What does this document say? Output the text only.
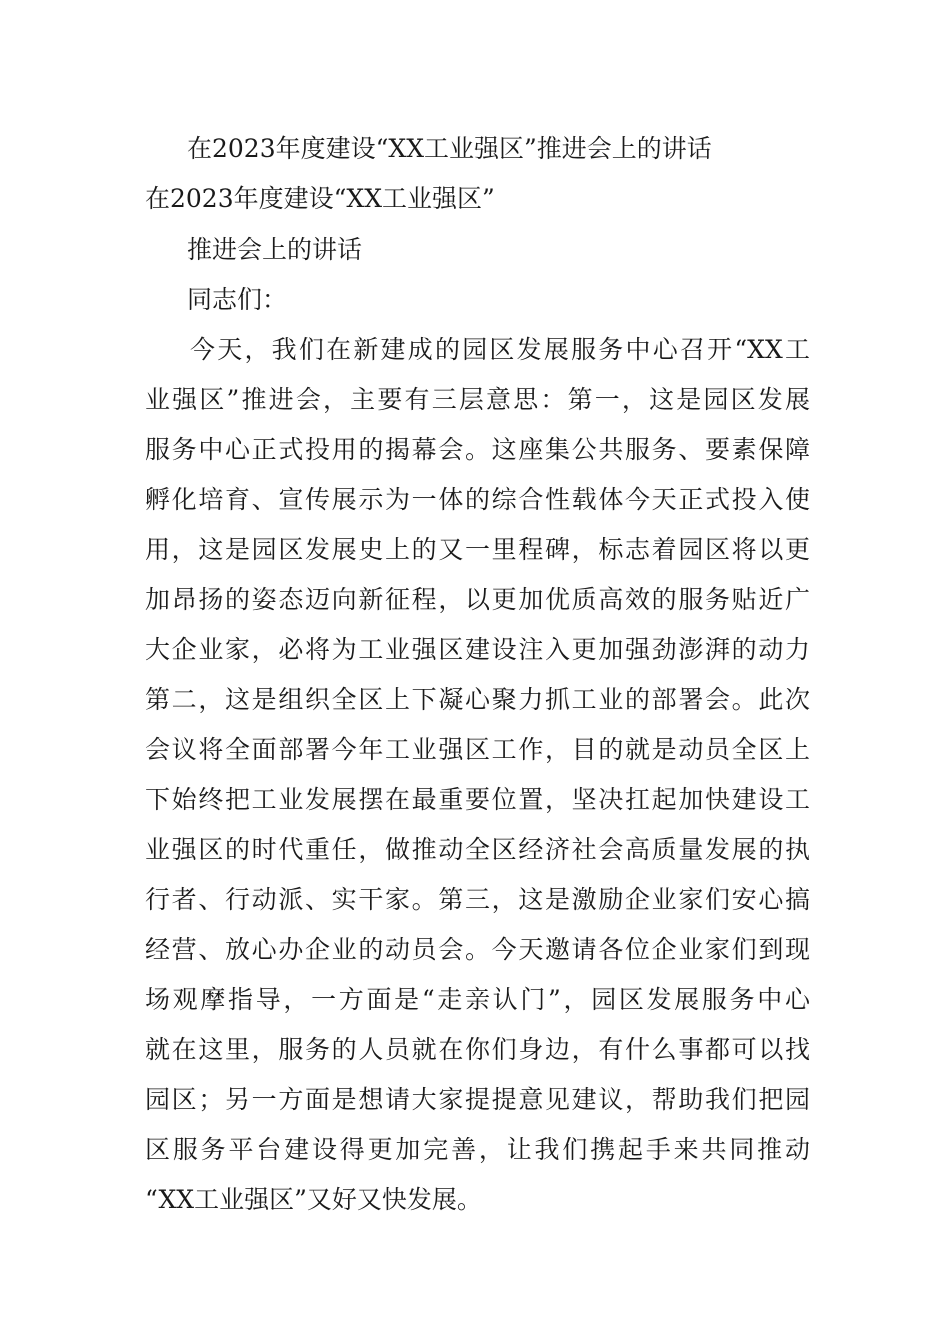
在2023年度建设“XX工业强区”推进会上的讲话

在2023年度建设“XX工业强区”

推进会上的讲话

同志们：

今天，我们在新建成的园区发展服务中心召开“XX工

业强区”推进会，主要有三层意思：第一，这是园区发展

服务中心正式投用的揭幕会。这座集公共服务、要素保障

孵化培育、宣传展示为一体的综合性载体今天正式投入使

用，这是园区发展史上的又一里程碑，标志着园区将以更

加昂扬的姿态迈向新征程，以更加优质高效的服务贴近广

大企业家，必将为工业强区建设注入更加强劲澎湃的动力

第二，这是组织全区上下凝心聚力抓工业的部署会。此次

会议将全面部署今年工业强区工作，目的就是动员全区上

下始终把工业发展摆在最重要位置，坚决扛起加快建设工

业强区的时代重任，做推动全区经济社会高质量发展的执

行者、行动派、实干家。第三，这是激励企业家们安心搞

经营、放心办企业的动员会。今天邀请各位企业家们到现

场观摩指导，一方面是“走亲认门”，园区发展服务中心

就在这里，服务的人员就在你们身边，有什么事都可以找

园区；另一方面是想请大家提提意见建议，帮助我们把园

区服务平台建设得更加完善，让我们携起手来共同推动

“XX工业强区”又好又快发展。
